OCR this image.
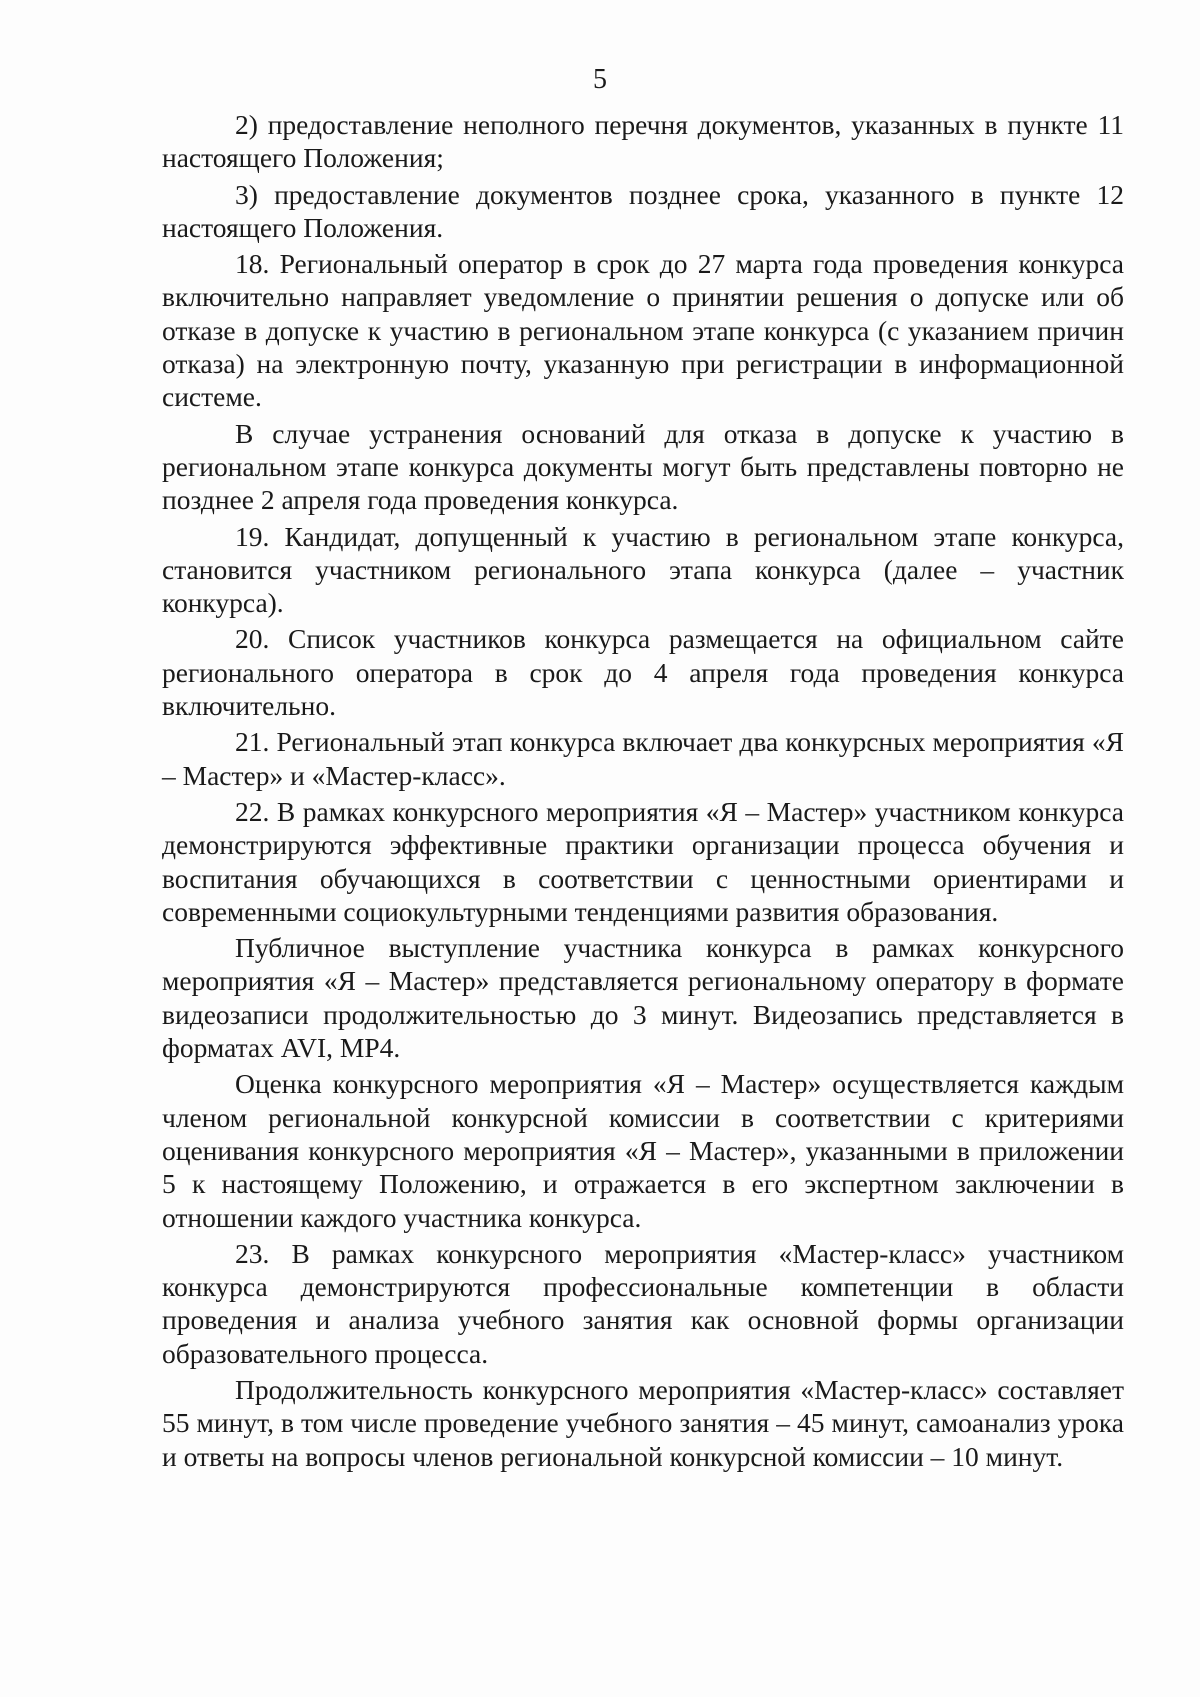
5

2) предоставление неполного перечня документов, указанных в пункте 11 настоящего Положения;

3) предоставление документов позднее срока, указанного в пункте 12 настоящего Положения.

18. Региональный оператор в срок до 27 марта года проведения конкурса включительно направляет уведомление о принятии решения о допуске или об отказе в допуске к участию в региональном этапе конкурса (с указанием причин отказа) на электронную почту, указанную при регистрации в информационной системе.

В случае устранения оснований для отказа в допуске к участию в региональном этапе конкурса документы могут быть представлены повторно не позднее 2 апреля года проведения конкурса.

19. Кандидат, допущенный к участию в региональном этапе конкурса, становится участником регионального этапа конкурса (далее – участник конкурса).

20. Список участников конкурса размещается на официальном сайте регионального оператора в срок до 4 апреля года проведения конкурса включительно.

21. Региональный этап конкурса включает два конкурсных мероприятия «Я – Мастер» и «Мастер-класс».

22. В рамках конкурсного мероприятия «Я – Мастер» участником конкурса демонстрируются эффективные практики организации процесса обучения и воспитания обучающихся в соответствии с ценностными ориентирами и современными социокультурными тенденциями развития образования.

Публичное выступление участника конкурса в рамках конкурсного мероприятия «Я – Мастер» представляется региональному оператору в формате видеозаписи продолжительностью до 3 минут. Видеозапись представляется в форматах AVI, MP4.

Оценка конкурсного мероприятия «Я – Мастер» осуществляется каждым членом региональной конкурсной комиссии в соответствии с критериями оценивания конкурсного мероприятия «Я – Мастер», указанными в приложении 5 к настоящему Положению, и отражается в его экспертном заключении в отношении каждого участника конкурса.

23. В рамках конкурсного мероприятия «Мастер-класс» участником конкурса демонстрируются профессиональные компетенции в области проведения и анализа учебного занятия как основной формы организации образовательного процесса.

Продолжительность конкурсного мероприятия «Мастер-класс» составляет 55 минут, в том числе проведение учебного занятия – 45 минут, самоанализ урока и ответы на вопросы членов региональной конкурсной комиссии – 10 минут.
